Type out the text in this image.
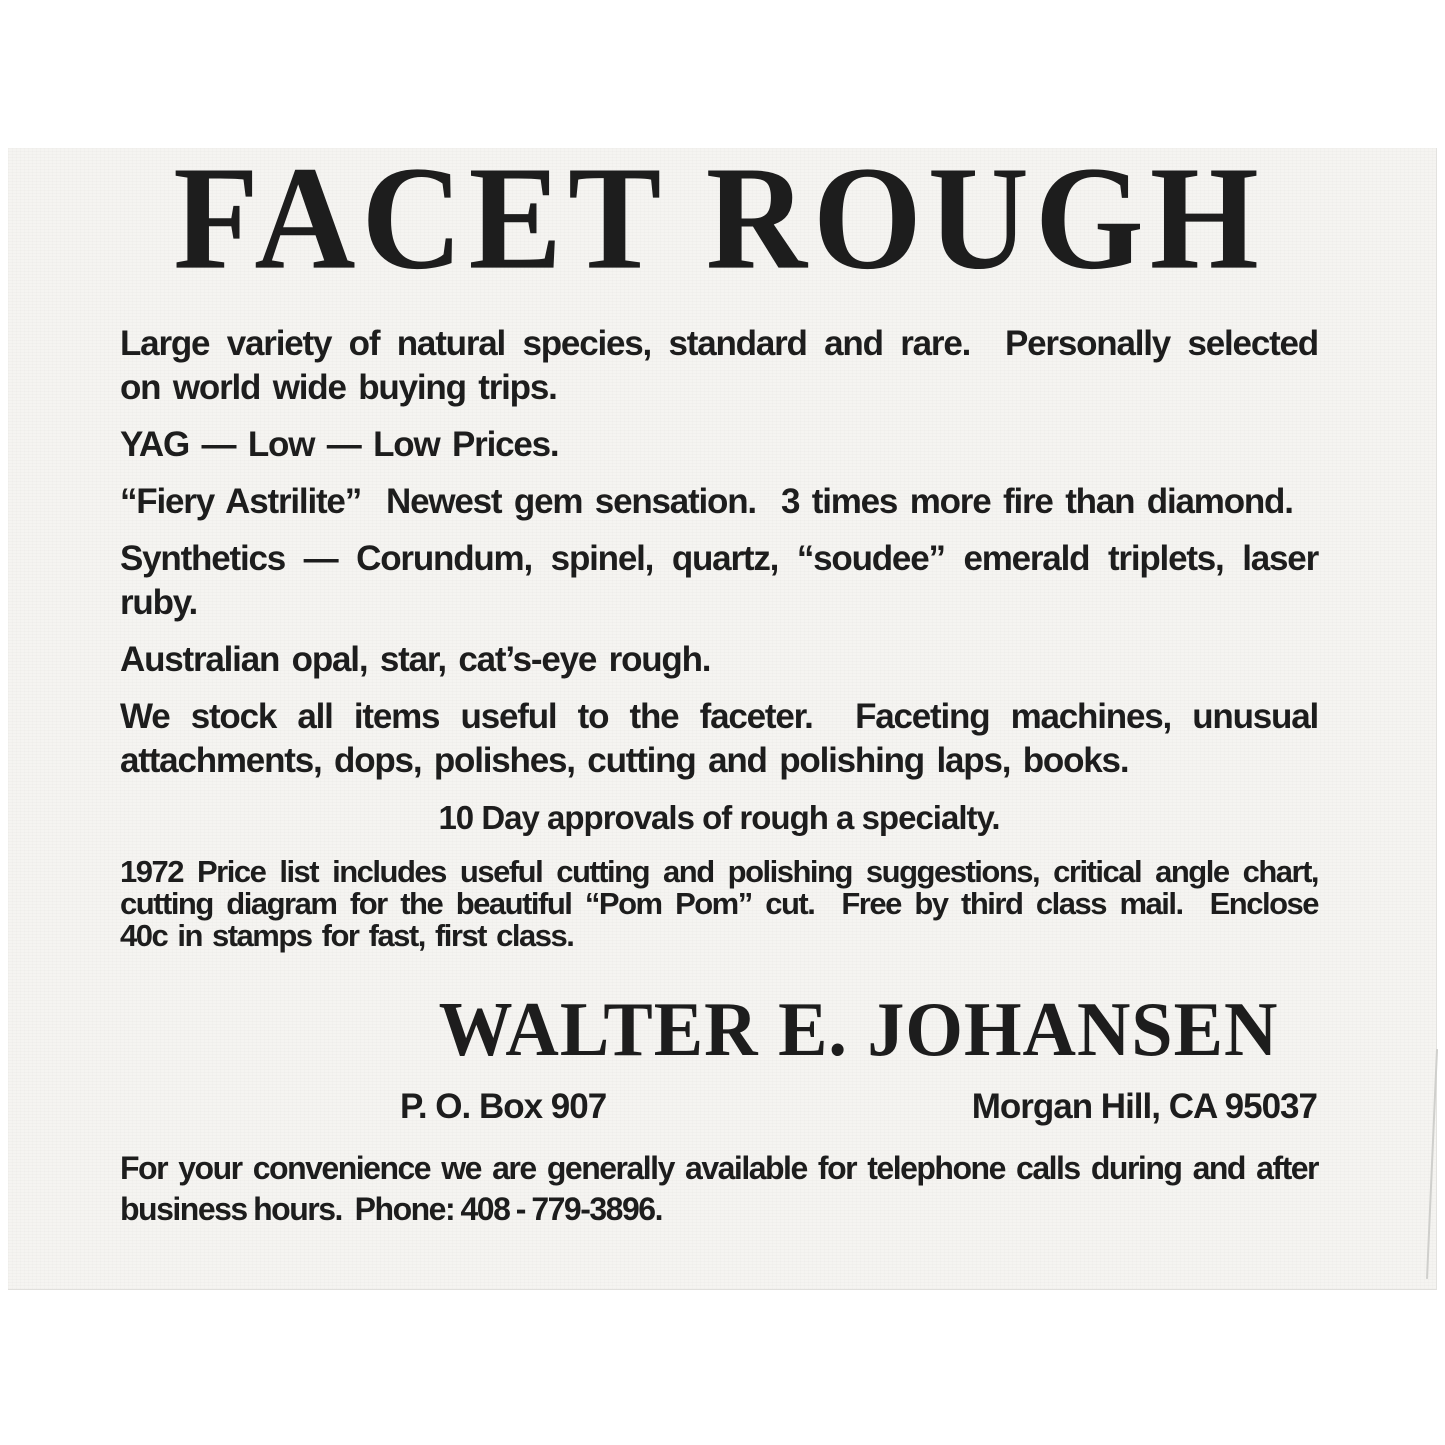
FACET ROUGH

Large variety of natural species, standard and rare.  Personally selected on world wide buying trips.

YAG — Low — Low Prices.

“Fiery Astrilite”  Newest gem sensation.  3 times more fire than diamond.

Synthetics — Corundum, spinel, quartz, “soudee” emerald triplets, laser ruby.

Australian opal, star, cat’s-eye rough.

We stock all items useful to the faceter.  Faceting machines, unusual attachments, dops, polishes, cutting and polishing laps, books.

10 Day approvals of rough a specialty.

1972 Price list includes useful cutting and polishing suggestions, critical angle chart, cutting diagram for the beautiful “Pom Pom” cut.  Free by third class mail.  Enclose 40c in stamps for fast, first class.

WALTER E. JOHANSEN
P. O. Box 907	Morgan Hill, CA 95037

For your convenience we are generally available for telephone calls during and after business hours.  Phone: 408 - 779-3896.
